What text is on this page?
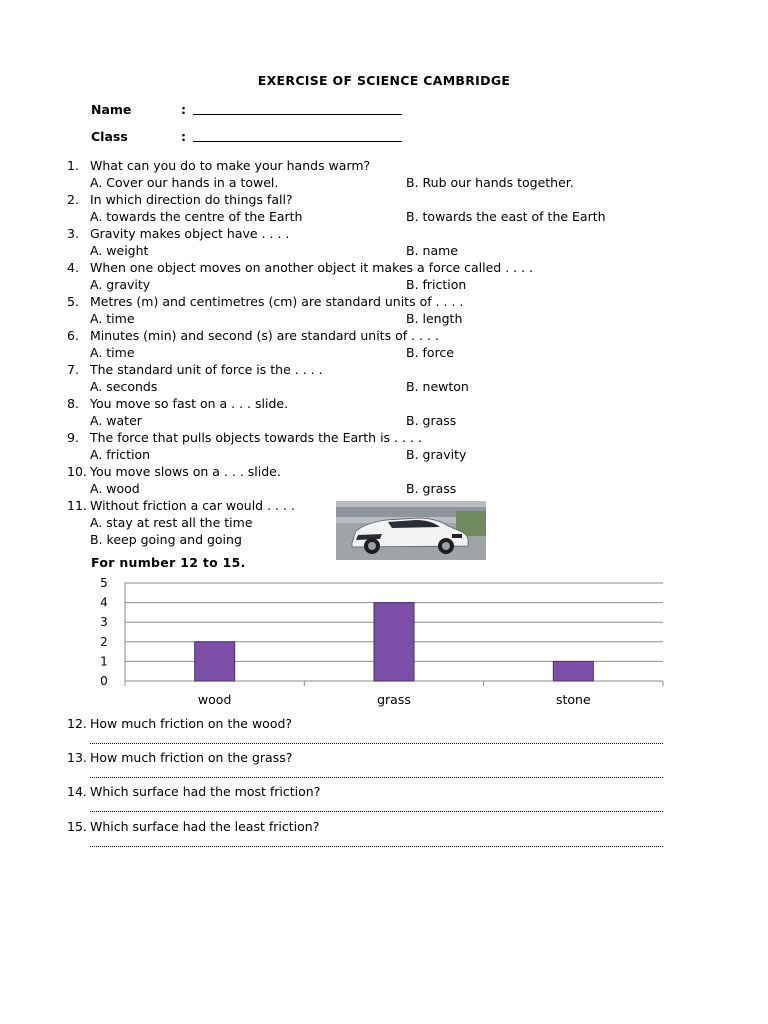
EXERCISE OF SCIENCE CAMBRIDGE
Name	:
Class	:
1. What can you do to make your hands warm?
A. Cover our hands in a towel.	B. Rub our hands together.
2. In which direction do things fall?
A. towards the centre of the Earth	B. towards the east of the Earth
3. Gravity makes object have . . . .
A. weight	B. name
4. When one object moves on another object it makes a force called . . . .
A. gravity	B. friction
5. Metres (m) and centimetres (cm) are standard units of . . . .
A. time	B. length
6. Minutes (min) and second (s) are standard units of . . . .
A. time	B. force
7. The standard unit of force is the . . . .
A. seconds	B. newton
8. You move so fast on a . . . slide.
A. water	B. grass
9. The force that pulls objects towards the Earth is . . . .
A. friction	B. gravity
10. You move slows on a . . . slide.
A. wood	B. grass
11. Without friction a car would . . . .
A. stay at rest all the time
B. keep going and going
For number 12 to 15.
0
1
2
3
4
5
wood	grass	stone
12. How much friction on the wood?
13. How much friction on the grass?
14. Which surface had the most friction?
15. Which surface had the least friction?
